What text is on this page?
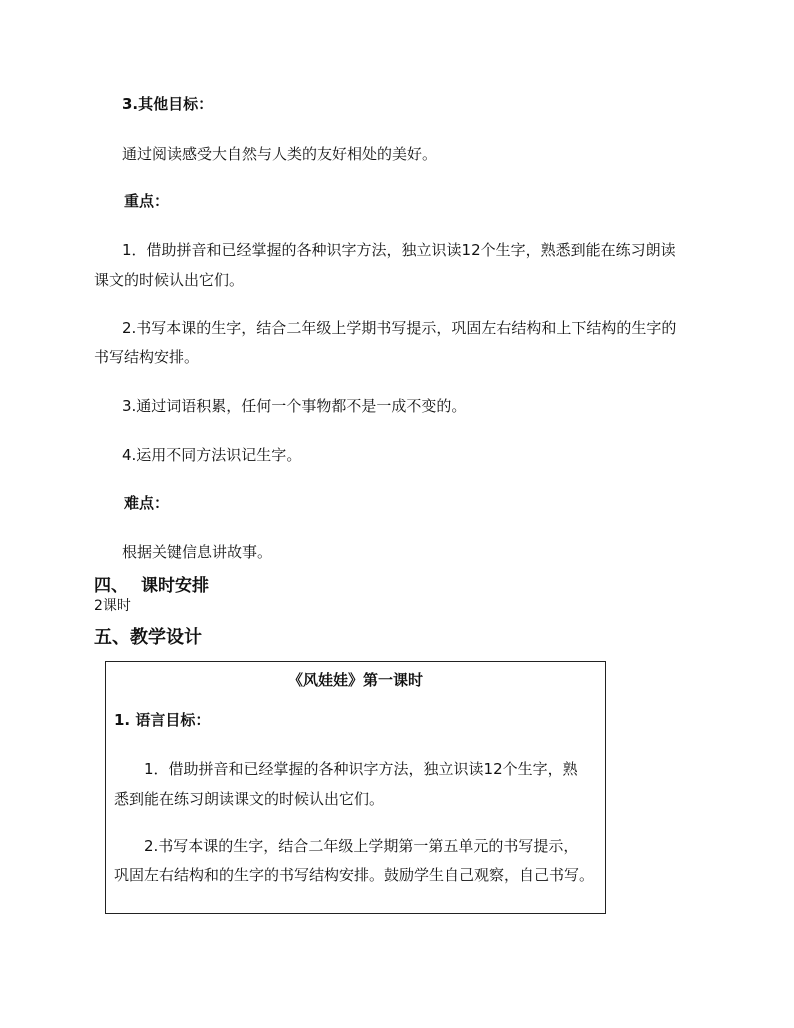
3.其他目标：
通过阅读感受大自然与人类的友好相处的美好。
重点：
1．借助拼音和已经掌握的各种识字方法，独立识读12个生字，熟悉到能在练习朗读
课文的时候认出它们。
2.书写本课的生字，结合二年级上学期书写提示，巩固左右结构和上下结构的生字的
书写结构安排。
3.通过词语积累，任何一个事物都不是一成不变的。
4.运用不同方法识记生字。
难点：
根据关键信息讲故事。
四、 课时安排
2课时
五、教学设计
《风娃娃》第一课时
1. 语言目标：
1．借助拼音和已经掌握的各种识字方法，独立识读12个生字，熟
悉到能在练习朗读课文的时候认出它们。
2.书写本课的生字，结合二年级上学期第一第五单元的书写提示，
巩固左右结构和的生字的书写结构安排。鼓励学生自己观察，自己书写。
